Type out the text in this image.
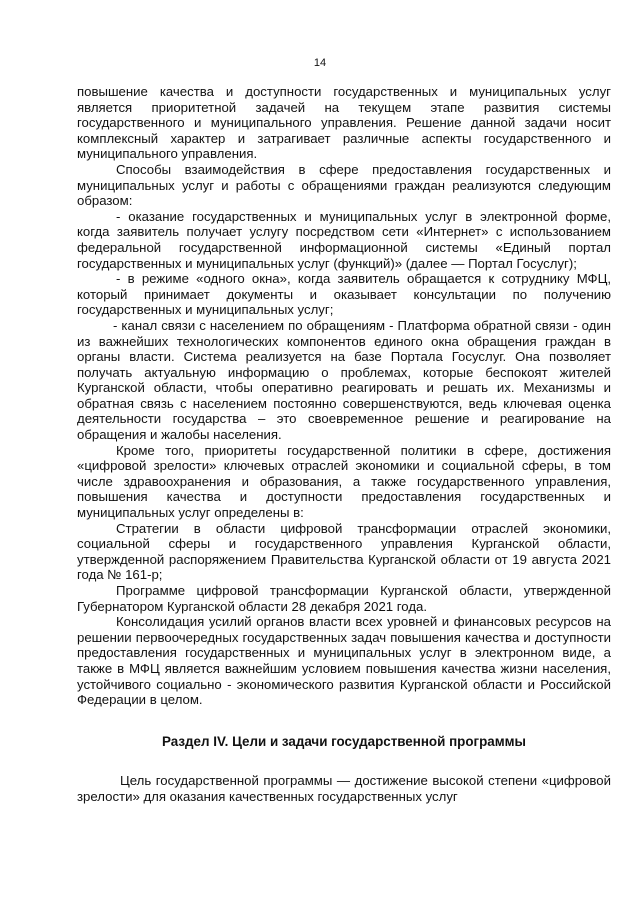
14

повышение качества и доступности государственных и муниципальных услуг является приоритетной задачей на текущем этапе развития системы государственного и муниципального управления. Решение данной задачи носит комплексный характер и затрагивает различные аспекты государственного и муниципального управления.

Способы взаимодействия в сфере предоставления государственных и муниципальных услуг и работы с обращениями граждан реализуются следующим образом:

- оказание государственных и муниципальных услуг в электронной форме, когда заявитель получает услугу посредством сети «Интернет» с использованием федеральной государственной информационной системы «Единый портал государственных и муниципальных услуг (функций)» (далее — Портал Госуслуг);

- в режиме «одного окна», когда заявитель обращается к сотруднику МФЦ, который принимает документы и оказывает консультации по получению государственных и муниципальных услуг;

- канал связи с населением по обращениям - Платформа обратной связи - один из важнейших технологических компонентов единого окна обращения граждан в органы власти. Система реализуется на базе Портала Госуслуг. Она позволяет получать актуальную информацию о проблемах, которые беспокоят жителей Курганской области, чтобы оперативно реагировать и решать их. Механизмы и обратная связь с населением постоянно совершенствуются, ведь ключевая оценка деятельности государства – это своевременное решение и реагирование на обращения и жалобы населения.

Кроме того, приоритеты государственной политики в сфере, достижения «цифровой зрелости» ключевых отраслей экономики и социальной сферы, в том числе здравоохранения и образования, а также государственного управления, повышения качества и доступности предоставления государственных и муниципальных услуг определены в:

Стратегии в области цифровой трансформации отраслей экономики, социальной сферы и государственного управления Курганской области, утвержденной распоряжением Правительства Курганской области от 19 августа 2021 года № 161-р;

Программе цифровой трансформации Курганской области, утвержденной Губернатором Курганской области 28 декабря 2021 года.

Консолидация усилий органов власти всех уровней и финансовых ресурсов на решении первоочередных государственных задач повышения качества и доступности предоставления государственных и муниципальных услуг в электронном виде, а также в МФЦ является важнейшим условием повышения качества жизни населения, устойчивого социально - экономического развития Курганской области и Российской Федерации в целом.

Раздел IV. Цели и задачи государственной программы

Цель государственной программы — достижение высокой степени «цифровой зрелости» для оказания качественных государственных услуг
